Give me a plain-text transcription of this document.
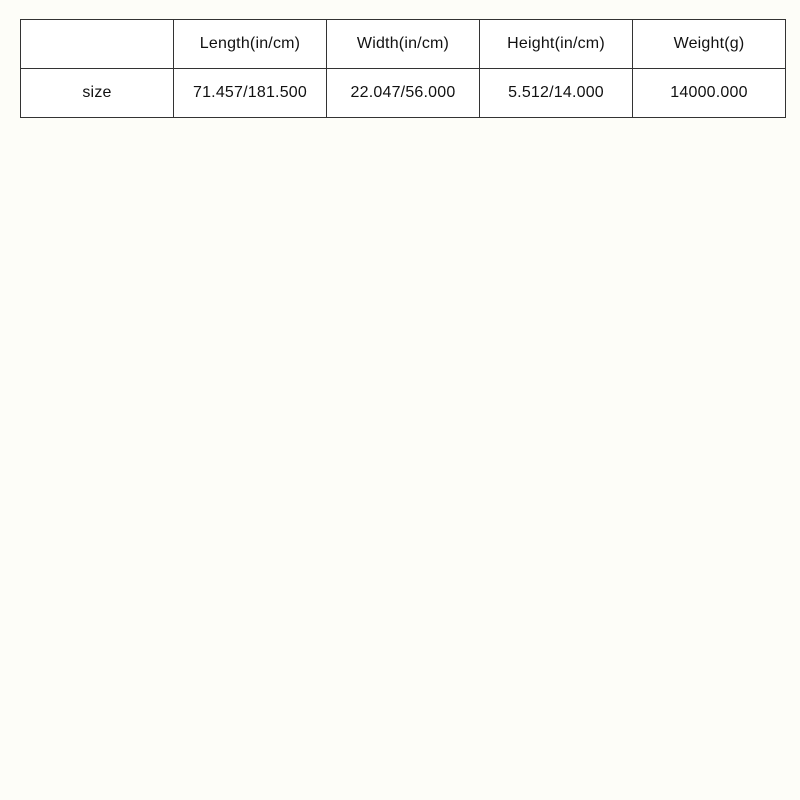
	Length(in/cm)	Width(in/cm)	Height(in/cm)	Weight(g)
size	71.457/181.500	22.047/56.000	5.512/14.000	14000.000
